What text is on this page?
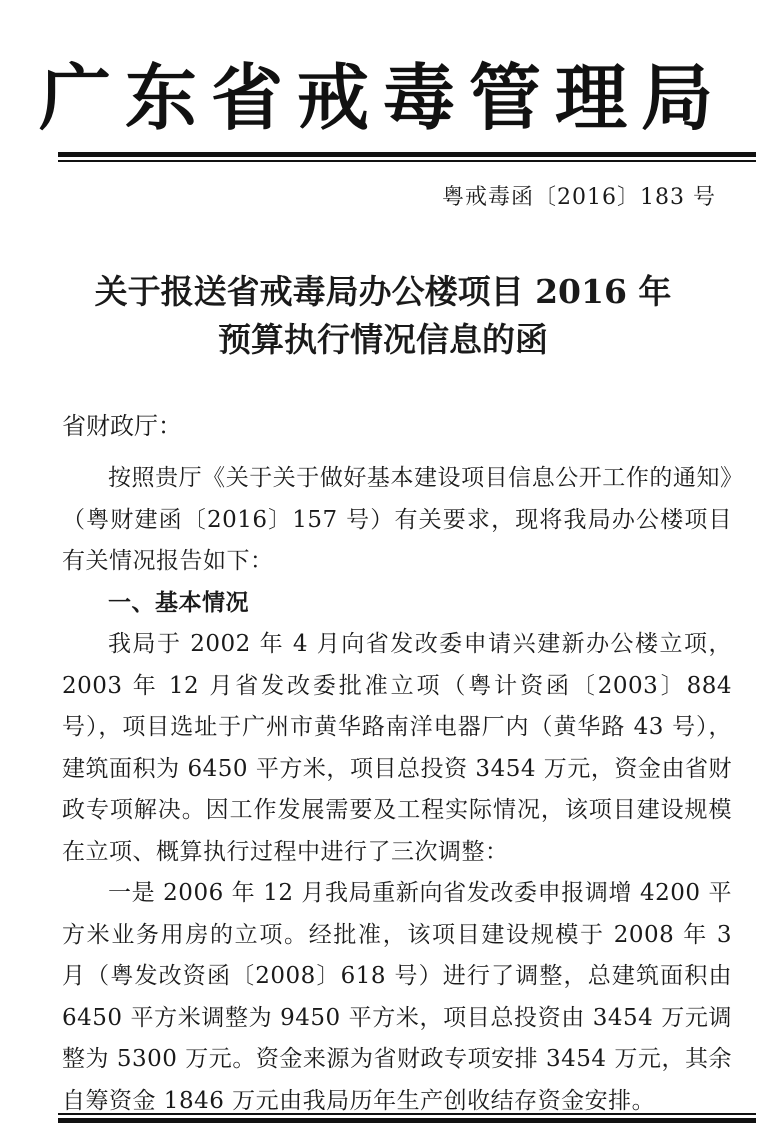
广东省戒毒管理局
粤戒毒函〔2016〕183 号
关于报送省戒毒局办公楼项目 2016 年
预算执行情况信息的函
省财政厅：

按照贵厅《关于关于做好基本建设项目信息公开工作的通知》（粤财建函〔2016〕157 号）有关要求，现将我局办公楼项目有关情况报告如下：

一、基本情况

我局于 2002 年 4 月向省发改委申请兴建新办公楼立项，2003 年 12 月省发改委批准立项（粤计资函〔2003〕884 号），项目选址于广州市黄华路南洋电器厂内（黄华路 43 号），建筑面积为 6450 平方米，项目总投资 3454 万元，资金由省财政专项解决。因工作发展需要及工程实际情况，该项目建设规模在立项、概算执行过程中进行了三次调整：

一是 2006 年 12 月我局重新向省发改委申报调增 4200 平方米业务用房的立项。经批准，该项目建设规模于 2008 年 3 月（粤发改资函〔2008〕618 号）进行了调整，总建筑面积由 6450 平方米调整为 9450 平方米，项目总投资由 3454 万元调整为 5300 万元。资金来源为省财政专项安排 3454 万元，其余自筹资金 1846 万元由我局历年生产创收结存资金安排。
